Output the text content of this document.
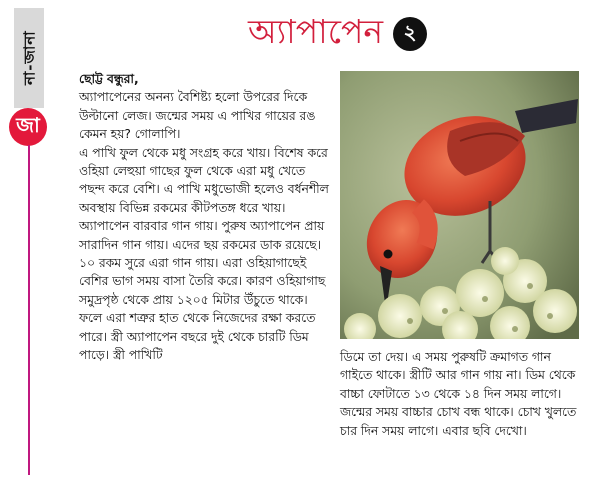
না-জানা
জা
অ্যাপাপেন	২

ছোট্ট বন্ধুরা,

অ্যাপাপেনের অনন্য বৈশিষ্ট্য হলো উপরের দিকে উল্টানো লেজ। জন্মের সময় এ পাখির গায়ের রঙ কেমন হয়? গোলাপি।

এ পাখি ফুল থেকে মধু সংগ্রহ করে খায়। বিশেষ করে ওহিয়া লেহুয়া গাছের ফুল থেকে এরা মধু খেতে পছন্দ করে বেশি। এ পাখি মধুভোজী হলেও বর্ধনশীল অবস্থায় বিভিন্ন রকমের কীটপতঙ্গ ধরে খায়।

অ্যাপাপেন বারবার গান গায়। পুরুষ অ্যাপাপেন প্রায় সারাদিন গান গায়। এদের ছয় রকমের ডাক রয়েছে। ১০ রকম সুরে এরা গান গায়। এরা ওহিয়াগাছেই বেশির ভাগ সময় বাসা তৈরি করে। কারণ ওহিয়াগাছ সমুদ্রপৃষ্ঠ থেকে প্রায় ১২০৫ মিটার উঁচুতে থাকে। ফলে এরা শত্রুর হাত থেকে নিজেদের রক্ষা করতে পারে। স্ত্রী অ্যাপাপেন বছরে দুই থেকে চারটি ডিম পাড়ে। স্ত্রী পাখিটি	ডিমে তা দেয়। এ সময় পুরুষটি ক্রমাগত গান গাইতে থাকে। স্ত্রীটি আর গান গায় না। ডিম থেকে বাচ্চা ফোটাতে ১৩ থেকে ১৪ দিন সময় লাগে। জন্মের সময় বাচ্চার চোখ বন্ধ থাকে। চোখ খুলতে চার দিন সময় লাগে। এবার ছবি দেখো।
